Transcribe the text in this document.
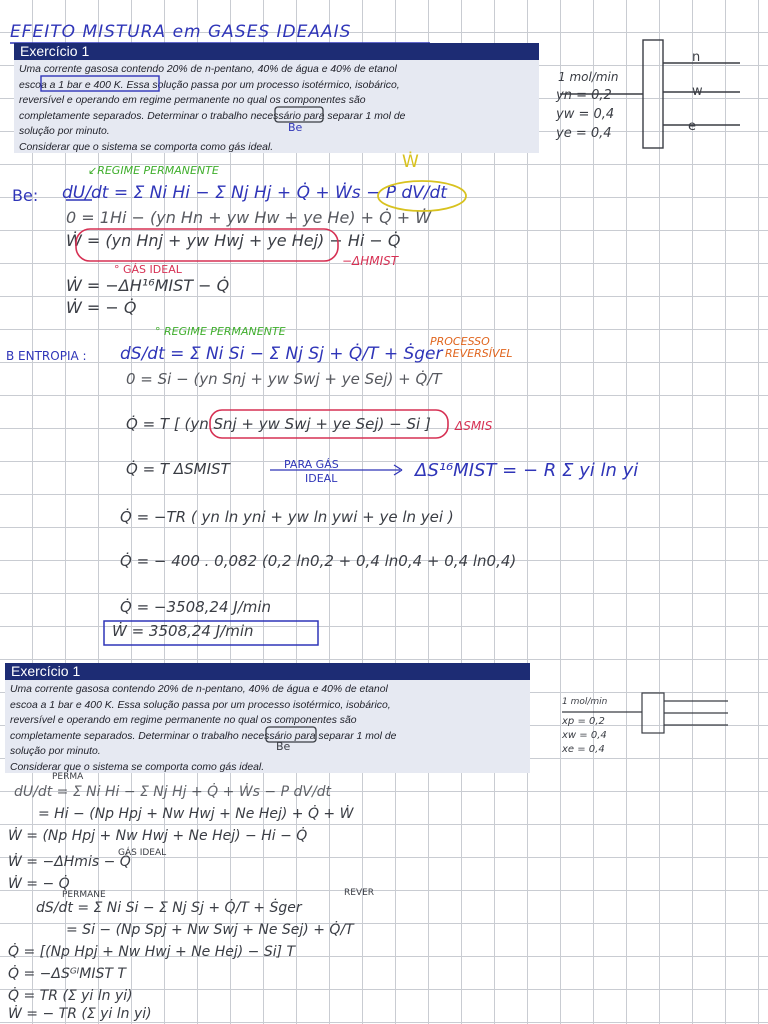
EFEITO MISTURA em GASES IDEAAIS
Exercício 1
Uma corrente gasosa contendo 20% de n-pentano, 40% de água e 40% de etanol
escoa a 1 bar e 400 K. Essa solução passa por um processo isotérmico, isobárico,
reversível e operando em regime permanente no qual os componentes são
completamente separados. Determinar o trabalho necessário para separar 1 mol de
solução por minuto.
Considerar que o sistema se comporta como gás ideal.
Be
1 mol/min
n
w
e
yn = 0,2
yw = 0,4
ye = 0,4
Ẇ
↙REGIME PERMANENTE
Be: dU/dt = Σ Ni Hi − Σ Nj Hj + Q̇ + Ẇs − P dV/dt
0 = 1Hi − (yn Hn + yw Hw + ye He) + Q̇ + Ẇ
Ẇ = (yn Hnj + yw Hwj + ye Hej) − Hi − Q̇
−ΔHMIST
° GÁS IDEAL
Ẇ = −ΔH¹⁶MIST − Q̇
Ẇ = − Q̇
° REGIME PERMANENTE
PROCESSO
REVERSÍVEL
B ENTROPIA : dS/dt = Σ Ni Si − Σ Nj Sj + Q̇/T + Ṡger
0 = Si − (yn Snj + yw Swj + ye Sej) + Q̇/T
Q̇ = T [ (yn Snj + yw Swj + ye Sej) − Si ] ΔSMIS
Q̇ = T ΔSMIST	PARA GÁS
IDEAL	ΔS¹⁶MIST = − R Σ yi ln yi
Q̇ = −TR ( yn ln yni + yw ln ywi + ye ln yei )
Q̇ = − 400 . 0,082 (0,2 ln0,2 + 0,4 ln0,4 + 0,4 ln0,4)
Q̇ = −3508,24 J/min
Ẇ = 3508,24 J/min
Exercício 1
Uma corrente gasosa contendo 20% de n-pentano, 40% de água e 40% de etanol
escoa a 1 bar e 400 K. Essa solução passa por um processo isotérmico, isobárico,
reversível e operando em regime permanente no qual os componentes são
completamente separados. Determinar o trabalho necessário para separar 1 mol de
solução por minuto.
Considerar que o sistema se comporta como gás ideal.
Be
1 mol/min
xp = 0,2
xw = 0,4
xe = 0,4
PERMA
dU/dt = Σ Ni Hi − Σ Nj Hj + Q̇ + Ẇs − P dV/dt
= Hi − (Np Hpj + Nw Hwj + Ne Hej) + Q̇ + Ẇ
Ẇ = (Np Hpj + Nw Hwj + Ne Hej) − Hi − Q̇
GÁS IDEAL
Ẇ = −ΔHmis − Q̇
Ẇ = − Q̇
PERMANE	REVER
dS/dt = Σ Ni Si − Σ Nj Sj + Q̇/T + Ṡger
= Si − (Np Spj + Nw Swj + Ne Sej) + Q̇/T
Q̇ = [(Np Hpj + Nw Hwj + Ne Hej) − Si] T
Q̇ = −ΔSᴳᴵMIST T
Q̇ = TR (Σ yi ln yi)
Ẇ = − TR (Σ yi ln yi)
